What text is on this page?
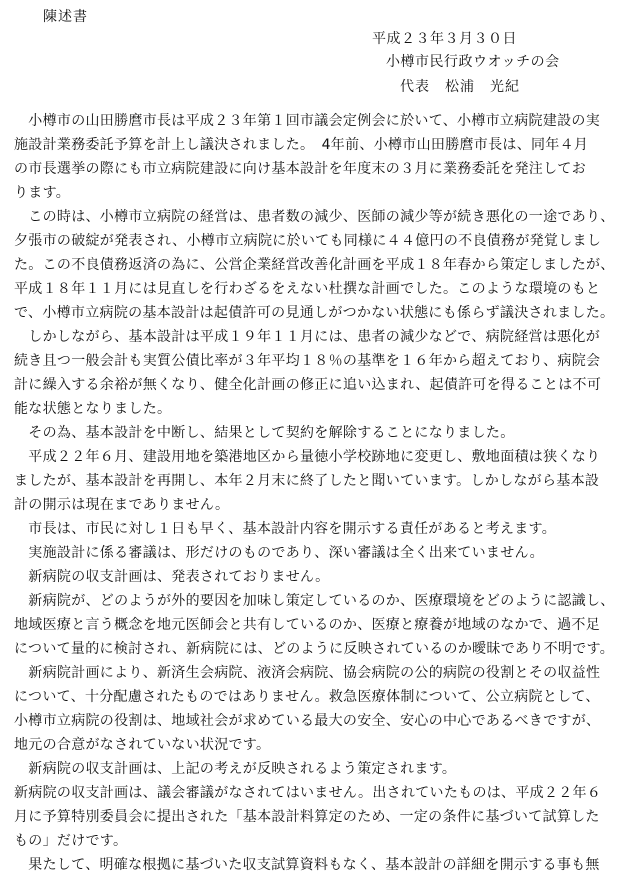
陳述書
平成２３年３月３０日
小樽市民行政ウオッチの会
代表　松浦　光紀
　小樽市の山田勝麿市長は平成２３年第１回市議会定例会に於いて、小樽市立病院建設の実
施設計業務委託予算を計上し議決されました。　4年前、小樽市山田勝麿市長は、同年４月
の市長選挙の際にも市立病院建設に向け基本設計を年度末の３月に業務委託を発注してお
ります。
　この時は、小樽市立病院の経営は、患者数の減少、医師の減少等が続き悪化の一途であり、
夕張市の破綻が発表され、小樽市立病院に於いても同様に４４億円の不良債務が発覚しまし
た。この不良債務返済の為に、公営企業経営改善化計画を平成１８年春から策定しましたが、
平成１８年１１月には見直しを行わざるをえない杜撰な計画でした。このような環境のもと
で、小樽市立病院の基本設計は起債許可の見通しがつかない状態にも係らず議決されました。
　しかしながら、基本設計は平成１９年１１月には、患者の減少などで、病院経営は悪化が
続き且つ一般会計も実質公債比率が３年平均１８％の基準を１６年から超えており、病院会
計に繰入する余裕が無くなり、健全化計画の修正に追い込まれ、起債許可を得ることは不可
能な状態となりました。
　その為、基本設計を中断し、結果として契約を解除することになりました。
　平成２２年６月、建設用地を築港地区から量徳小学校跡地に変更し、敷地面積は狭くなり
ましたが、基本設計を再開し、本年２月末に終了したと聞いています。しかしながら基本設
計の開示は現在までありません。
　市長は、市民に対し１日も早く、基本設計内容を開示する責任があると考えます。
　実施設計に係る審議は、形だけのものであり、深い審議は全く出来ていません。
　新病院の収支計画は、発表されておりません。
　新病院が、どのようが外的要因を加味し策定しているのか、医療環境をどのように認識し、
地域医療と言う概念を地元医師会と共有しているのか、医療と療養が地域のなかで、過不足
について量的に検討され、新病院には、どのように反映されているのか曖昧であり不明です。
　新病院計画により、新済生会病院、液済会病院、協会病院の公的病院の役割とその収益性
について、十分配慮されたものではありません。救急医療体制について、公立病院として、
小樽市立病院の役割は、地域社会が求めている最大の安全、安心の中心であるべきですが、
地元の合意がなされていない状況です。
　新病院の収支計画は、上記の考えが反映されるよう策定されます。
新病院の収支計画は、議会審議がなされてはいません。出されていたものは、平成２２年６
月に予算特別委員会に提出された「基本設計料算定のため、一定の条件に基づいて試算した
もの」だけです。
　果たして、明確な根拠に基づいた収支試算資料もなく、基本設計の詳細を開示する事も無
